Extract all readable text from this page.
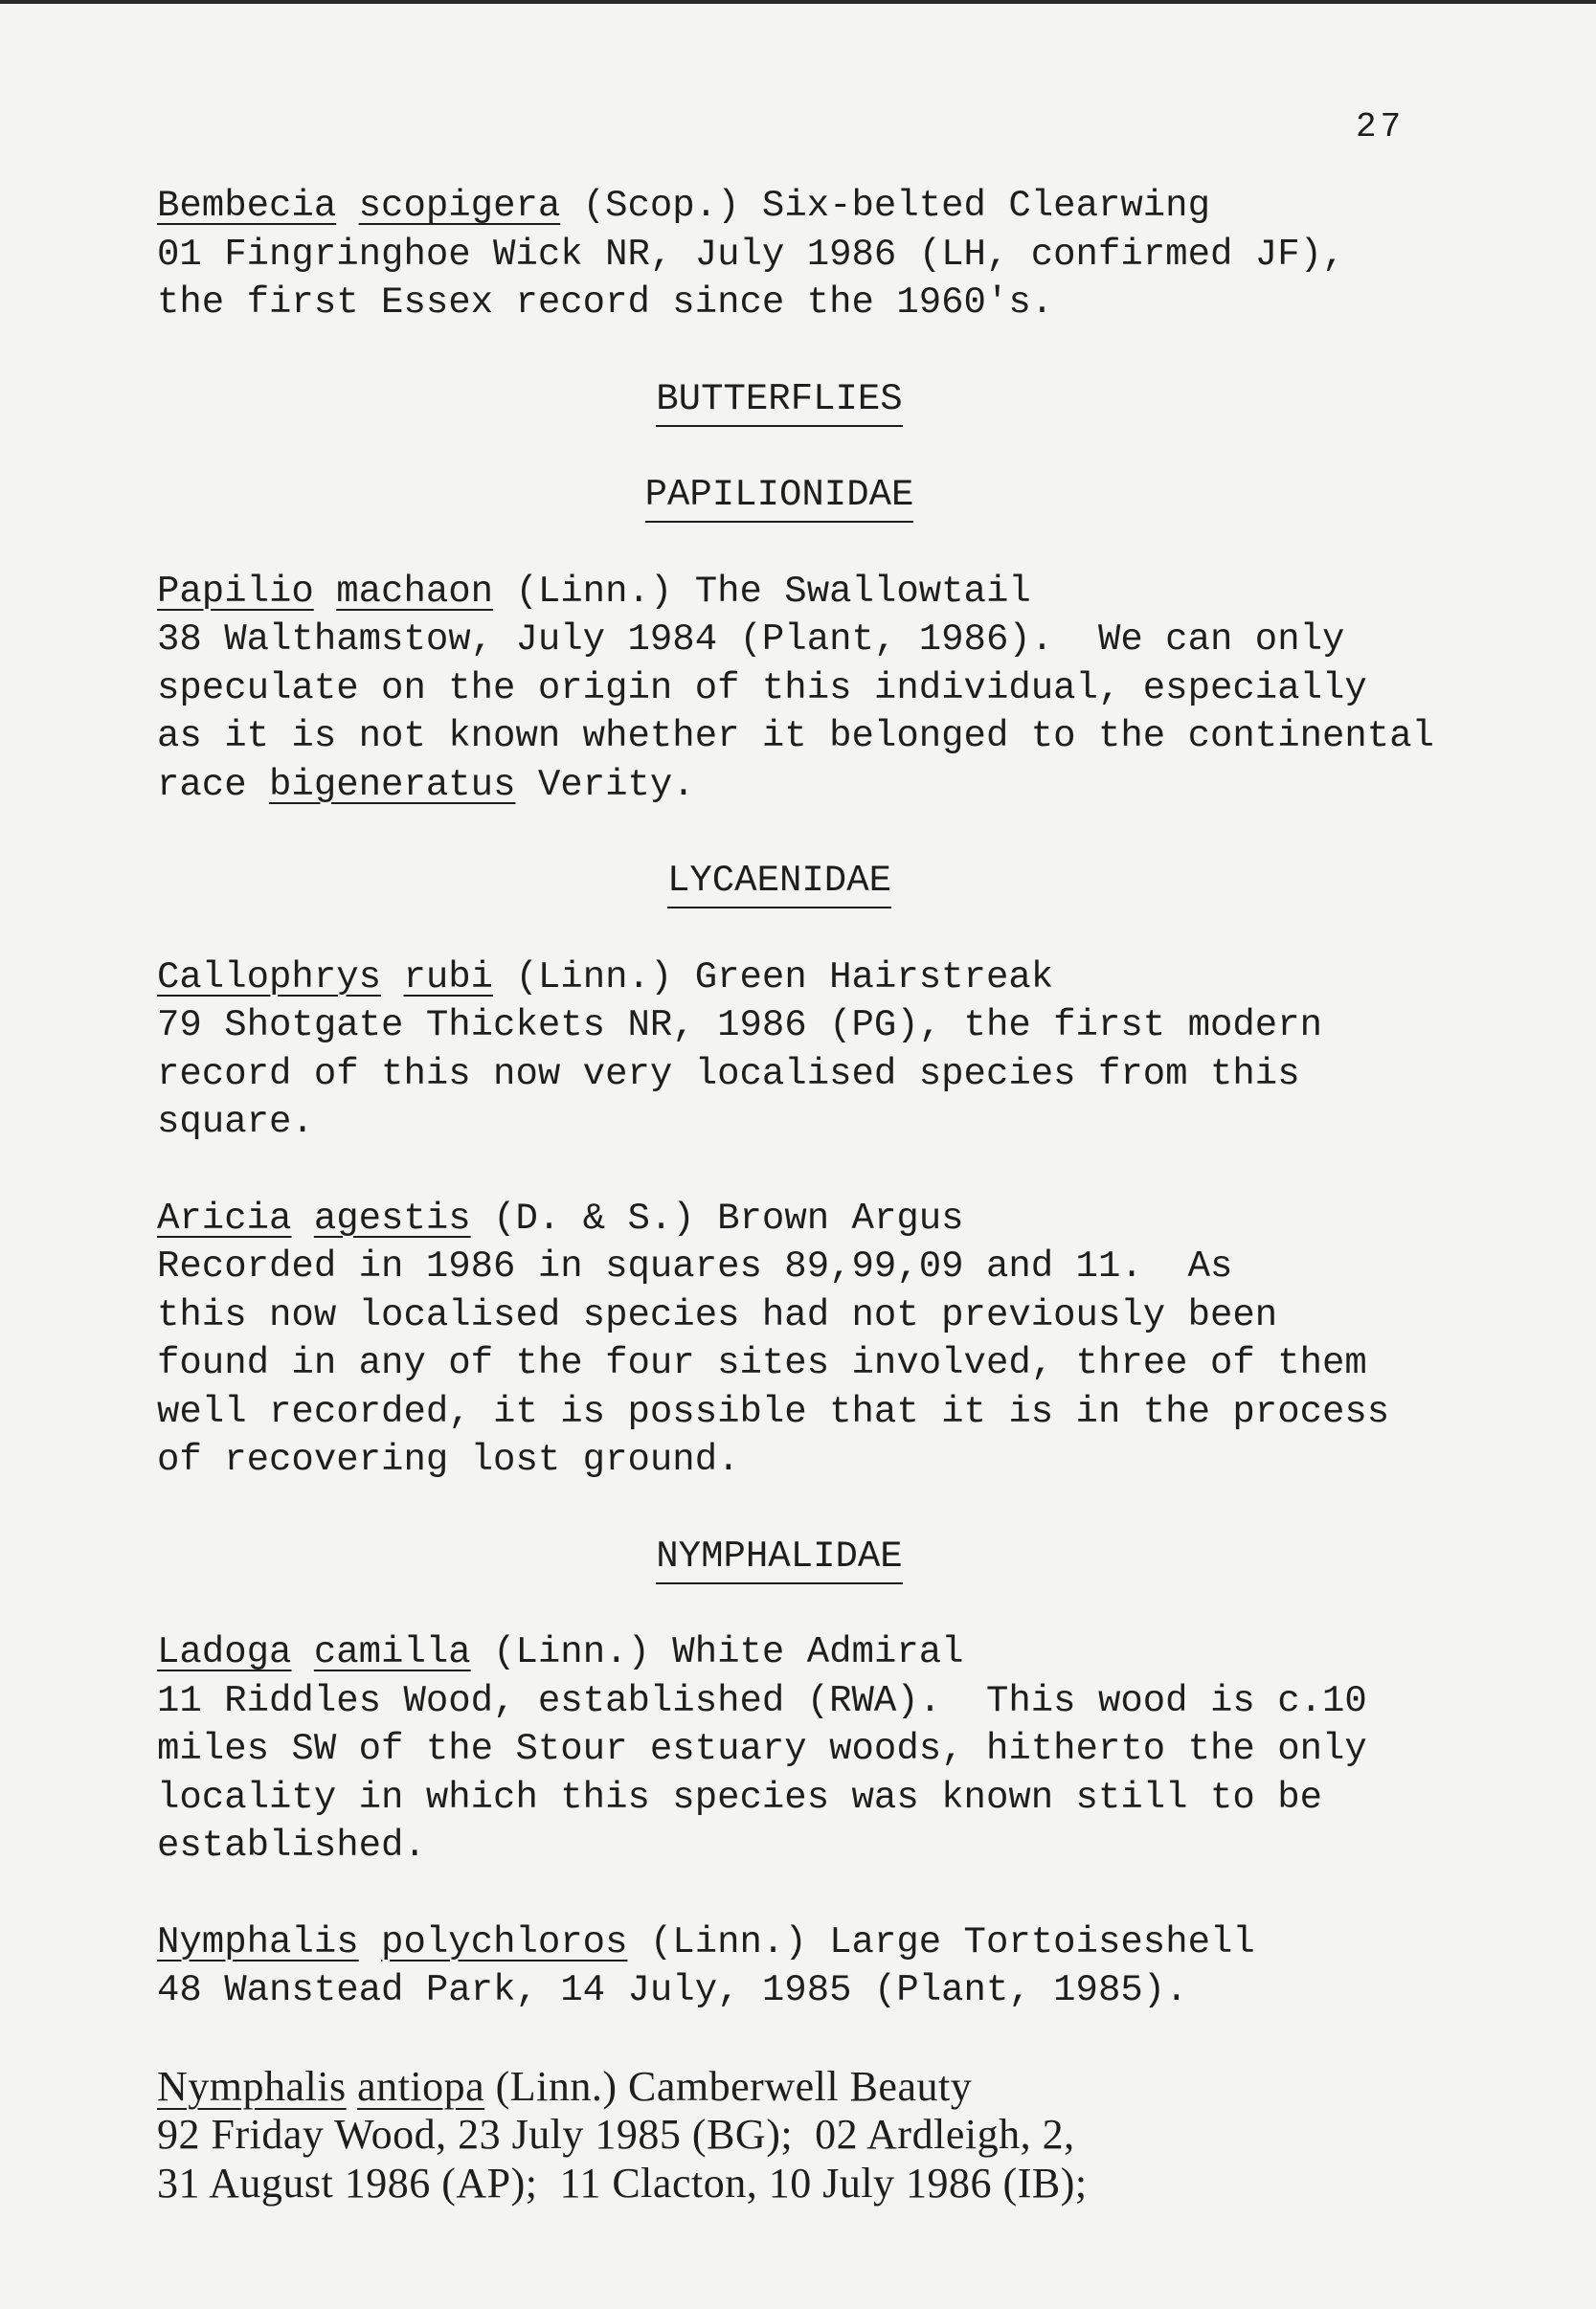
27
Bembecia scopigera (Scop.) Six-belted Clearwing
01 Fingringhoe Wick NR, July 1986 (LH, confirmed JF),
the first Essex record since the 1960's.
BUTTERFLIES
PAPILIONIDAE
Papilio machaon (Linn.) The Swallowtail
38 Walthamstow, July 1984 (Plant, 1986).  We can only
speculate on the origin of this individual, especially
as it is not known whether it belonged to the continental
race bigeneratus Verity.
LYCAENIDAE
Callophrys rubi (Linn.) Green Hairstreak
79 Shotgate Thickets NR, 1986 (PG), the first modern
record of this now very localised species from this
square.
Aricia agestis (D. & S.) Brown Argus
Recorded in 1986 in squares 89,99,09 and 11.  As
this now localised species had not previously been
found in any of the four sites involved, three of them
well recorded, it is possible that it is in the process
of recovering lost ground.
NYMPHALIDAE
Ladoga camilla (Linn.) White Admiral
11 Riddles Wood, established (RWA).  This wood is c.10
miles SW of the Stour estuary woods, hitherto the only
locality in which this species was known still to be
established.
Nymphalis polychloros (Linn.) Large Tortoiseshell
48 Wanstead Park, 14 July, 1985 (Plant, 1985).
Nymphalis antiopa (Linn.) Camberwell Beauty
92 Friday Wood, 23 July 1985 (BG);  02 Ardleigh, 2,
31 August 1986 (AP);  11 Clacton, 10 July 1986 (IB);
